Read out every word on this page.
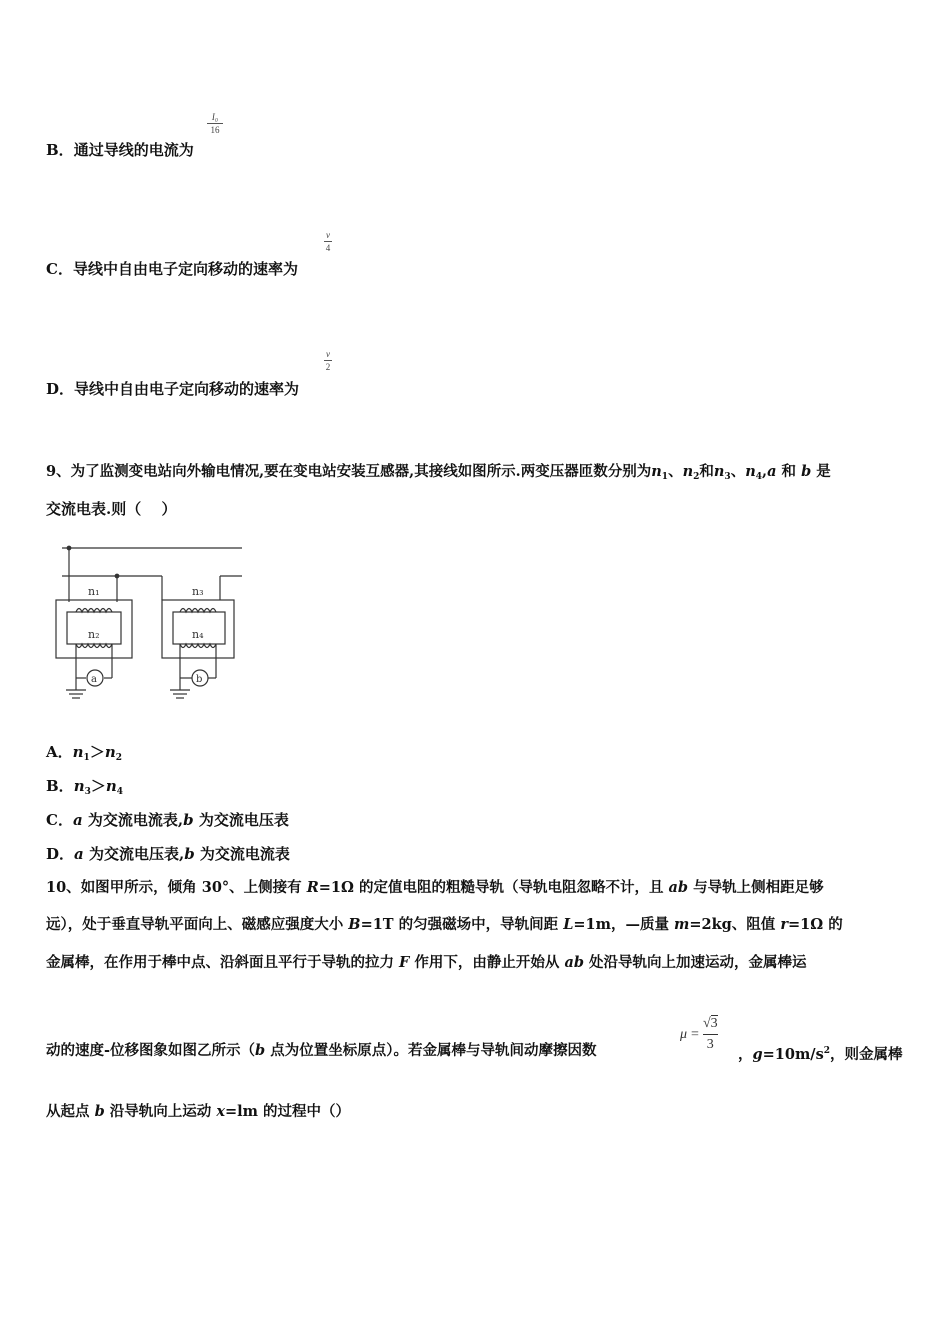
B．通过导线的电流为
I₀
16
C．导线中自由电子定向移动的速率为
v
4
D．导线中自由电子定向移动的速率为
v
2
9、为了监测变电站向外输电情况,要在变电站安装互感器,其接线如图所示.两变压器匝数分别为$n_1$、$n_2$和$n_3$、$n_4,a$ 和 b 是
交流电表.则（　 ）
n₁
n₂
n₃
n₄
a	b
A．$n_1>n_2$
B．$n_3>n_4$
C．a 为交流电流表,b 为交流电压表
D．a 为交流电压表,b 为交流电流表
10、如图甲所示，倾角 30°、上侧接有 R=1Ω 的定值电阻的粗糙导轨（导轨电阻忽略不计，且 ab 与导轨上侧相距足够
远），处于垂直导轨平面向上、磁感应强度大小 B=1T 的匀强磁场中，导轨间距 L=1m，—质量 m=2kg、阻值 r=1Ω 的
金属棒，在作用于棒中点、沿斜面且平行于导轨的拉力 F 作用下，由静止开始从 ab 处沿导轨向上加速运动，金属棒运
动的速度-位移图象如图乙所示（b 点为位置坐标原点）。若金属棒与导轨间动摩擦因数
μ =
√3
3
，$g=10m/s^2$，则金属棒
从起点 b 沿导轨向上运动 x=lm 的过程中（）
